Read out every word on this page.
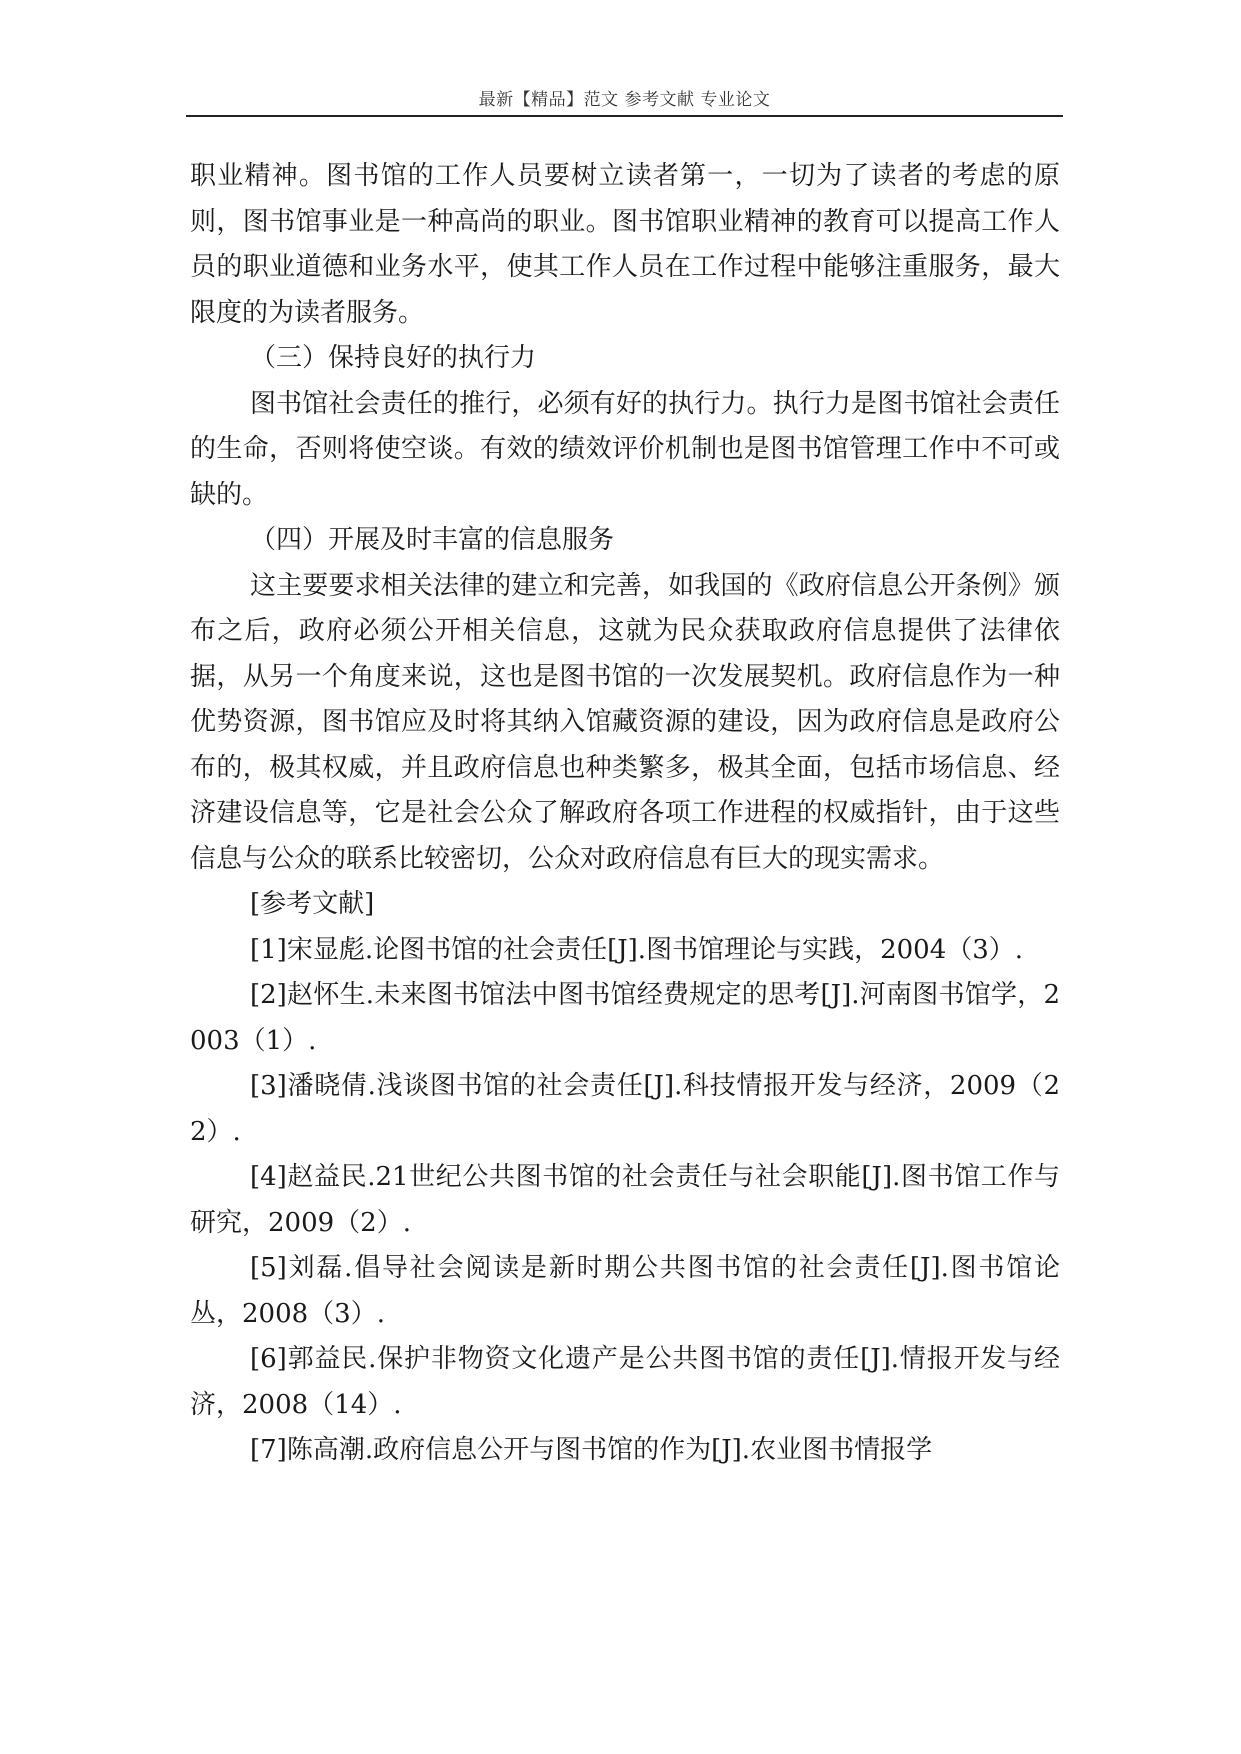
最新【精品】范文 参考文献 专业论文

职业精神。图书馆的工作人员要树立读者第一，一切为了读者的考虑的原则，图书馆事业是一种高尚的职业。图书馆职业精神的教育可以提高工作人员的职业道德和业务水平，使其工作人员在工作过程中能够注重服务，最大限度的为读者服务。

（三）保持良好的执行力

图书馆社会责任的推行，必须有好的执行力。执行力是图书馆社会责任的生命，否则将使空谈。有效的绩效评价机制也是图书馆管理工作中不可或缺的。

（四）开展及时丰富的信息服务

这主要要求相关法律的建立和完善，如我国的《政府信息公开条例》颁布之后，政府必须公开相关信息，这就为民众获取政府信息提供了法律依据，从另一个角度来说，这也是图书馆的一次发展契机。政府信息作为一种优势资源，图书馆应及时将其纳入馆藏资源的建设，因为政府信息是政府公布的，极其权威，并且政府信息也种类繁多，极其全面，包括市场信息、经济建设信息等，它是社会公众了解政府各项工作进程的权威指针，由于这些信息与公众的联系比较密切，公众对政府信息有巨大的现实需求。

[参考文献]

[1]宋显彪.论图书馆的社会责任[J].图书馆理论与实践，2004（3）.

[2]赵怀生.未来图书馆法中图书馆经费规定的思考[J].河南图书馆学，2003（1）.

[3]潘晓倩.浅谈图书馆的社会责任[J].科技情报开发与经济，2009（22）.

[4]赵益民.21世纪公共图书馆的社会责任与社会职能[J].图书馆工作与研究，2009（2）.

[5]刘磊.倡导社会阅读是新时期公共图书馆的社会责任[J].图书馆论丛，2008（3）.

[6]郭益民.保护非物资文化遗产是公共图书馆的责任[J].情报开发与经济，2008（14）.

[7]陈高潮.政府信息公开与图书馆的作为[J].农业图书情报学
